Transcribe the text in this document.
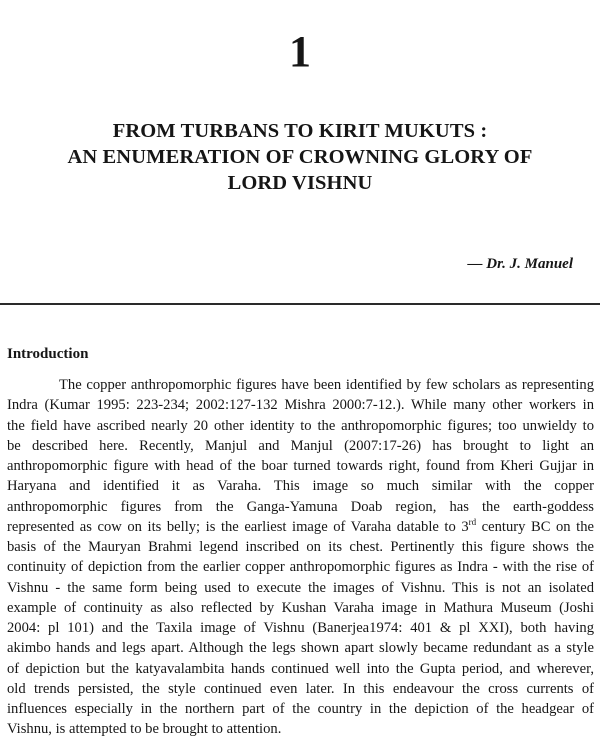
1
FROM TURBANS TO KIRIT MUKUTS :
AN ENUMERATION OF CROWNING GLORY OF
LORD VISHNU
— Dr. J. Manuel
Introduction
The copper anthropomorphic figures have been identified by few scholars as representing
Indra (Kumar 1995: 223-234; 2002:127-132 Mishra 2000:7-12.). While many other workers in
the field have ascribed nearly 20 other identity to the anthropomorphic figures; too unwieldy to
be described here. Recently, Manjul and Manjul (2007:17-26) has brought to light an
anthropomorphic figure with head of the boar turned towards right, found from Kheri Gujjar in
Haryana and identified it as Varaha. This image so much similar with the copper
anthropomorphic figures from the Ganga-Yamuna Doab region, has the earth-goddess
represented as cow on its belly; is the earliest image of Varaha datable to 3rd century BC on the
basis of the Mauryan Brahmi legend inscribed on its chest. Pertinently this figure shows the
continuity of depiction from the earlier copper anthropomorphic figures as Indra - with the rise of
Vishnu - the same form being used to execute the images of Vishnu. This is not an isolated
example of continuity as also reflected by Kushan Varaha image in Mathura Museum (Joshi
2004: pl 101) and the Taxila image of Vishnu (Banerjea1974: 401 & pl XXI), both having
akimbo hands and legs apart. Although the legs shown apart slowly became redundant as a style
of depiction but the katyavalambita hands continued well into the Gupta period, and wherever,
old trends persisted, the style continued even later. In this endeavour the cross currents of
influences especially in the northern part of the country in the depiction of the headgear of
Vishnu, is attempted to be brought to attention.
